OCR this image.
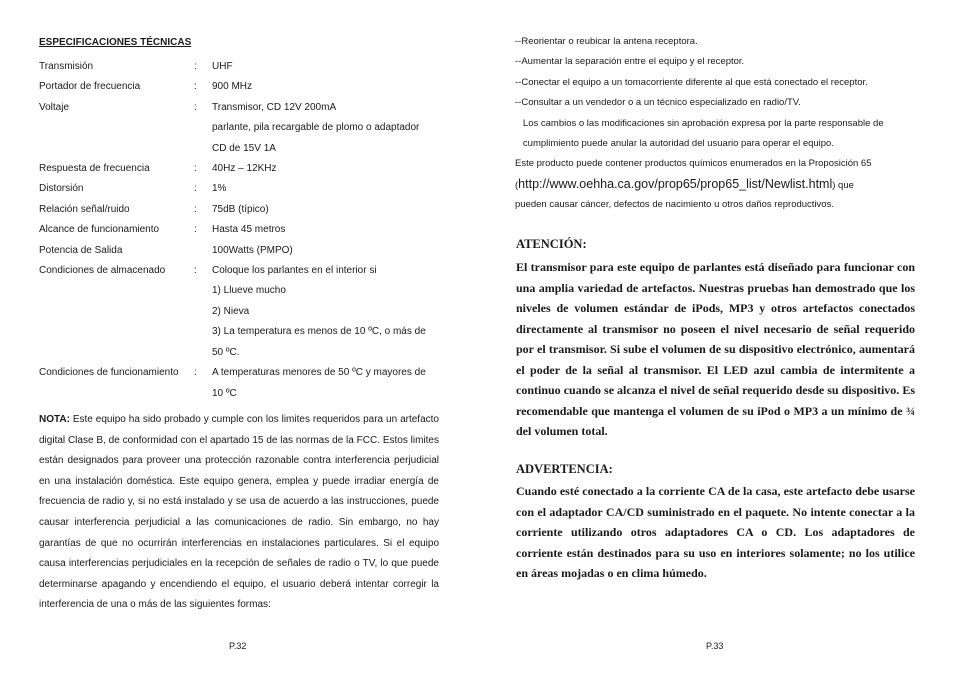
ESPECIFICACIONES TÉCNICAS
Transmisión	: UHF
Portador de frecuencia	: 900 MHz
Voltaje	: Transmisor, CD 12V 200mA
parlante, pila recargable de plomo o adaptador
CD de 15V 1A
Respuesta de frecuencia	: 40Hz – 12KHz
Distorsión	: 1%
Relación señal/ruido	: 75dB (típico)
Alcance de funcionamiento	: Hasta 45 metros
Potencia de Salida	100Watts (PMPO)
Condiciones de almacenado	: Coloque los parlantes en el interior si
1) Llueve mucho
2) Nieva
3) La temperatura es menos de 10 ºC, o más de
50 ºC.
Condiciones de funcionamiento : A temperaturas menores de 50 ºC y mayores de
10 ºC
NOTA: Este equipo ha sido probado y cumple con los limites requeridos para un artefacto digital Clase B, de conformidad con el apartado 15 de las normas de la FCC. Estos limites están designados para proveer una protección razonable contra interferencia perjudicial en una instalación doméstica. Este equipo genera, emplea y puede irradiar energía de frecuencia de radio y, si no está instalado y se usa de acuerdo a las instrucciones, puede causar interferencia perjudicial a las comunicaciones de radio. Sin embargo, no hay garantías de que no ocurrirán interferencias en instalaciones particulares. Si el equipo causa interferencias perjudiciales en la recepción de señales de radio o TV, lo que puede determinarse apagando y encendiendo el equipo, el usuario deberá intentar corregir la interferencia de una o más de las siguientes formas:
P.32
--Reorientar o reubicar la antena receptora.
--Aumentar la separación entre el equipo y el receptor.
--Conectar el equipo a un tomacorriente diferente al que está conectado el receptor.
--Consultar a un vendedor o a un técnico especializado en radio/TV.
Los cambios o las modificaciones sin aprobación expresa por la parte responsable de
cumplimiento puede anular la autoridad del usuario para operar el equipo.
Este producto puede contener productos químicos enumerados en la Proposición 65
(http://www.oehha.ca.gov/prop65/prop65_list/Newlist.html) que
pueden causar cáncer, defectos de nacimiento u otros daños reproductivos.
ATENCIÓN:
El transmisor para este equipo de parlantes está diseñado para funcionar con una amplia variedad de artefactos. Nuestras pruebas han demostrado que los niveles de volumen estándar de iPods, MP3 y otros artefactos conectados directamente al transmisor no poseen el nivel necesario de señal requerido por el transmisor. Si sube el volumen de su dispositivo electrónico, aumentará el poder de la señal al transmisor. El LED azul cambia de intermitente a continuo cuando se alcanza el nivel de señal requerido desde su dispositivo. Es recomendable que mantenga el volumen de su iPod o MP3 a un mínimo de ¾ del volumen total.
ADVERTENCIA:
Cuando esté conectado a la corriente CA de la casa, este artefacto debe usarse con el adaptador CA/CD suministrado en el paquete. No intente conectar a la corriente utilizando otros adaptadores CA o CD. Los adaptadores de corriente están destinados para su uso en interiores solamente; no los utilice en áreas mojadas o en clima húmedo.
P.33
